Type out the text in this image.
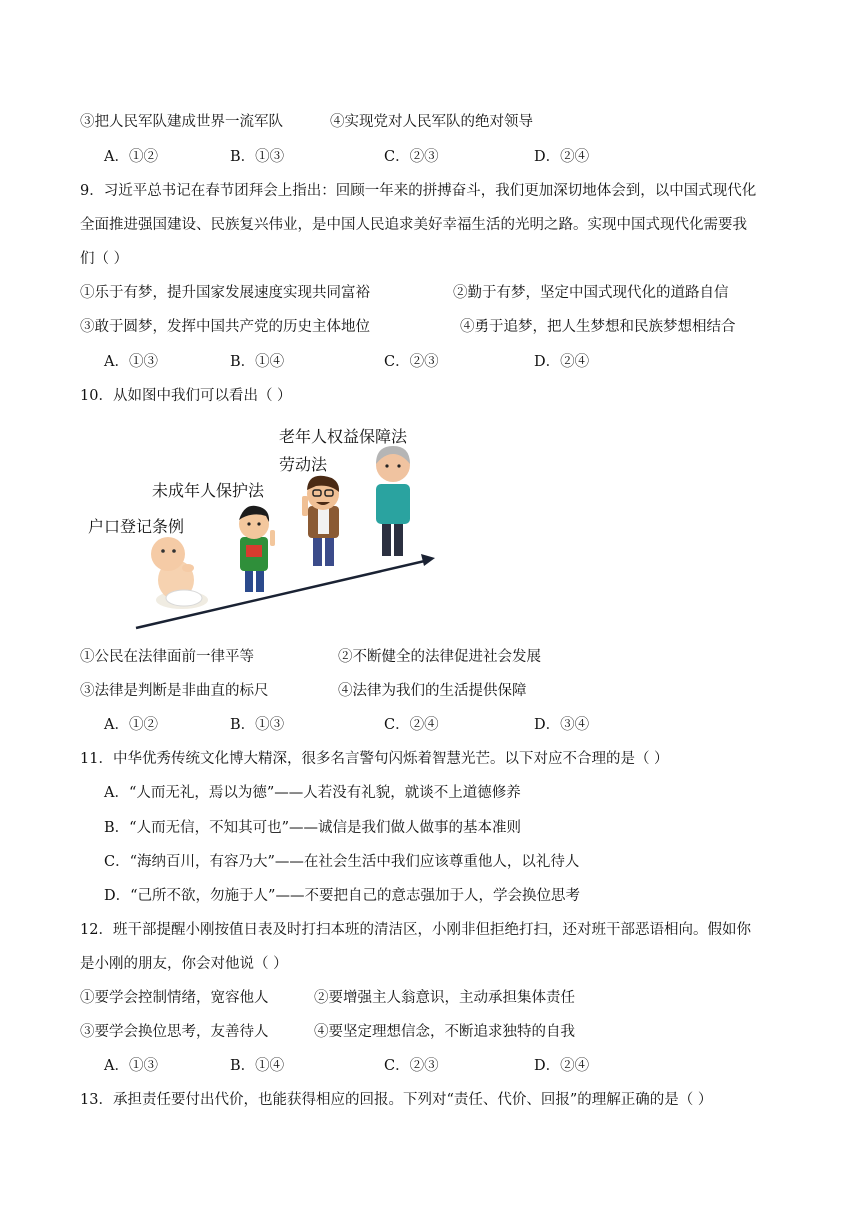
③把人民军队建成世界一流军队	④实现党对人民军队的绝对领导
A．①②	B．①③	C．②③	D．②④
9．习近平总书记在春节团拜会上指出：回顾一年来的拼搏奋斗，我们更加深切地体会到，以中国式现代化
全面推进强国建设、民族复兴伟业，是中国人民追求美好幸福生活的光明之路。实现中国式现代化需要我
们（ ）
①乐于有梦，提升国家发展速度实现共同富裕	②勤于有梦，坚定中国式现代化的道路自信
③敢于圆梦，发挥中国共产党的历史主体地位	④勇于追梦，把人生梦想和民族梦想相结合
A．①③	B．①④	C．②③	D．②④
10．从如图中我们可以看出（ ）
老年人权益保障法
劳动法
未成年人保护法
户口登记条例
①公民在法律面前一律平等	②不断健全的法律促进社会发展
③法律是判断是非曲直的标尺	④法律为我们的生活提供保障
A．①②	B．①③	C．②④	D．③④
11．中华优秀传统文化博大精深，很多名言警句闪烁着智慧光芒。以下对应不合理的是（ ）
A．“人而无礼，焉以为德”——人若没有礼貌，就谈不上道德修养
B．“人而无信，不知其可也”——诚信是我们做人做事的基本准则
C．“海纳百川，有容乃大”——在社会生活中我们应该尊重他人，以礼待人
D．“己所不欲，勿施于人”——不要把自己的意志强加于人，学会换位思考
12．班干部提醒小刚按值日表及时打扫本班的清洁区，小刚非但拒绝打扫，还对班干部恶语相向。假如你
是小刚的朋友，你会对他说（ ）
①要学会控制情绪，宽容他人	②要增强主人翁意识，主动承担集体责任
③要学会换位思考，友善待人	④要坚定理想信念，不断追求独特的自我
A．①③	B．①④	C．②③	D．②④
13．承担责任要付出代价，也能获得相应的回报。下列对“责任、代价、回报”的理解正确的是（ ）
